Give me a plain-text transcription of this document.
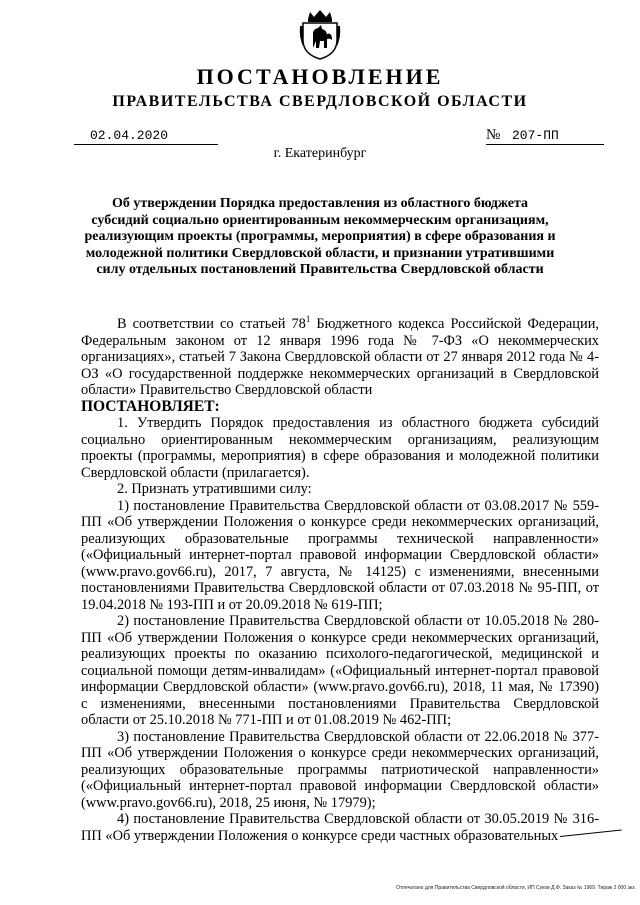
ПОСТАНОВЛЕНИЕ
ПРАВИТЕЛЬСТВА СВЕРДЛОВСКОЙ ОБЛАСТИ
02.04.2020	№ 207-ПП
г. Екатеринбург
Об утверждении Порядка предоставления из областного бюджета субсидий социально ориентированным некоммерческим организациям, реализующим проекты (программы, мероприятия) в сфере образования и молодежной политики Свердловской области, и признании утратившими силу отдельных постановлений Правительства Свердловской области

В соответствии со статьей $78^1$ Бюджетного кодекса Российской Федерации, Федеральным законом от 12 января 1996 года № 7-ФЗ «О некоммерческих организациях», статьей 7 Закона Свердловской области от 27 января 2012 года № 4-ОЗ «О государственной поддержке некоммерческих организаций в Свердловской области» Правительство Свердловской области

ПОСТАНОВЛЯЕТ:

1. Утвердить Порядок предоставления из областного бюджета субсидий социально ориентированным некоммерческим организациям, реализующим проекты (программы, мероприятия) в сфере образования и молодежной политики Свердловской области (прилагается).

2. Признать утратившими силу:

1) постановление Правительства Свердловской области от 03.08.2017 № 559-ПП «Об утверждении Положения о конкурсе среди некоммерческих организаций, реализующих образовательные программы технической направленности» («Официальный интернет-портал правовой информации Свердловской области» (www.pravo.gov66.ru), 2017, 7 августа, № 14125) с изменениями, внесенными постановлениями Правительства Свердловской области от 07.03.2018 № 95-ПП, от 19.04.2018 № 193-ПП и от 20.09.2018 № 619-ПП;

2) постановление Правительства Свердловской области от 10.05.2018 № 280-ПП «Об утверждении Положения о конкурсе среди некоммерческих организаций, реализующих проекты по оказанию психолого-педагогической, медицинской и социальной помощи детям-инвалидам» («Официальный интернет-портал правовой информации Свердловской области» (www.pravo.gov66.ru), 2018, 11 мая, № 17390) с изменениями, внесенными постановлениями Правительства Свердловской области от 25.10.2018 № 771-ПП и от 01.08.2019 № 462-ПП;

3) постановление Правительства Свердловской области от 22.06.2018 № 377-ПП «Об утверждении Положения о конкурсе среди некоммерческих организаций, реализующих образовательные программы патриотической направленности» («Официальный интернет-портал правовой информации Свердловской области» (www.pravo.gov66.ru), 2018, 25 июня, № 17979);

4) постановление Правительства Свердловской области от 30.05.2019 № 316-ПП «Об утверждении Положения о конкурсе среди частных образовательных

Отпечатано для Правительства Свердловской области, ИП Суков Д.Ф. Заказ № 1969. Тираж 2 000 экз.
